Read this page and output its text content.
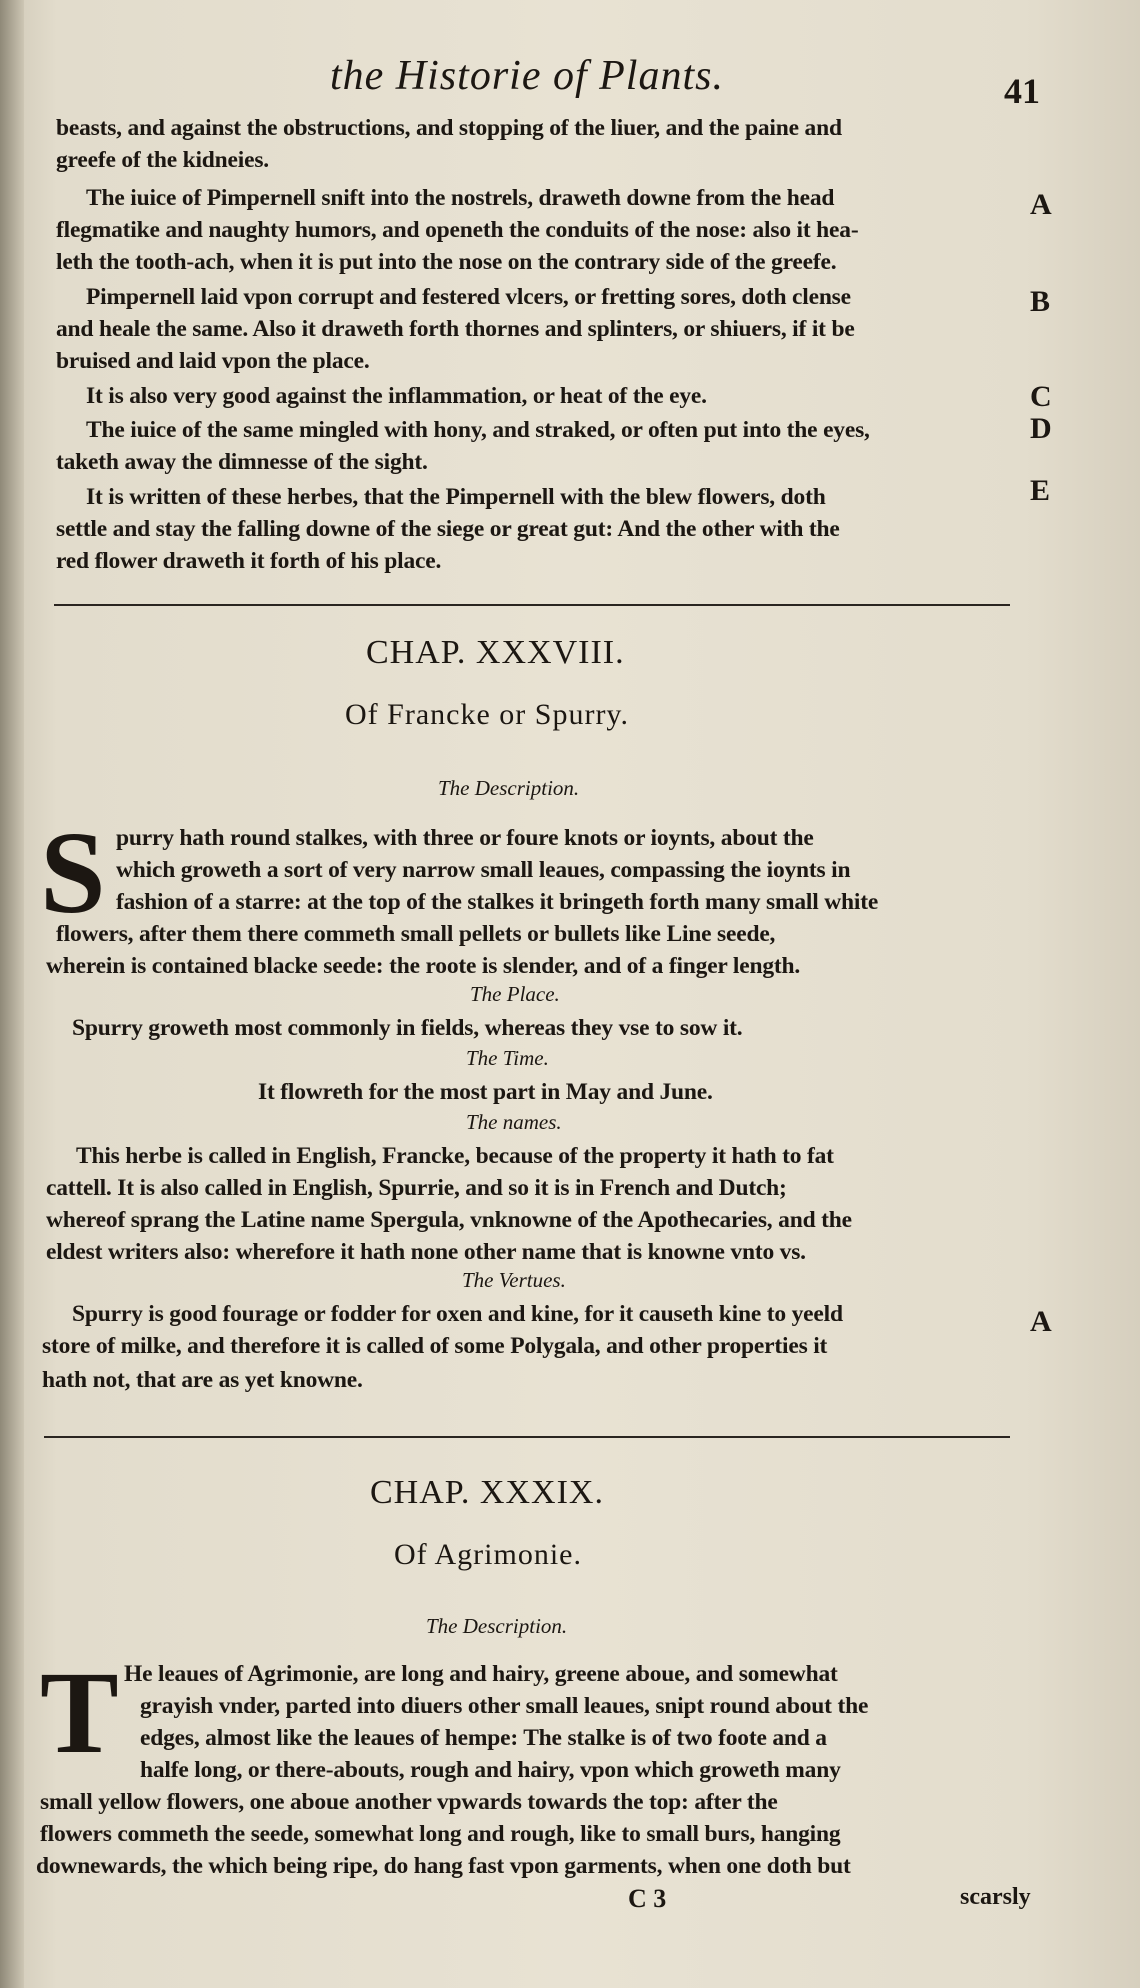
the Historie of Plants.	41
beasts, and against the obstructions, and stopping of the liuer, and the paine and
greefe of the kidneies.
The iuice of Pimpernell snift into the nostrels, draweth downe from the head
flegmatike and naughty humors, and openeth the conduits of the nose: also it hea-
leth the tooth-ach, when it is put into the nose on the contrary side of the greefe.
Pimpernell laid vpon corrupt and festered vlcers, or fretting sores, doth clense
and heale the same. Also it draweth forth thornes and splinters, or shiuers, if it be
bruised and laid vpon the place.
It is also very good against the inflammation, or heat of the eye.
The iuice of the same mingled with hony, and straked, or often put into the eyes,
taketh away the dimnesse of the sight.
It is written of these herbes, that the Pimpernell with the blew flowers, doth
settle and stay the falling downe of the siege or great gut: And the other with the
red flower draweth it forth of his place.
A
B
C
D
E
CHAP. XXXVIII.
Of Francke or Spurry.
The Description.
S purry hath round stalkes, with three or foure knots or ioynts, about the
which groweth a sort of very narrow small leaues, compassing the ioynts in
fashion of a starre: at the top of the stalkes it bringeth forth many small white
flowers, after them there commeth small pellets or bullets like Line seede,
wherein is contained blacke seede: the roote is slender, and of a finger length.
The Place.
Spurry groweth most commonly in fields, whereas they vse to sow it.
The Time.
It flowreth for the most part in May and June.
The names.
This herbe is called in English, Francke, because of the property it hath to fat
cattell. It is also called in English, Spurrie, and so it is in French and Dutch;
whereof sprang the Latine name Spergula, vnknowne of the Apothecaries, and the
eldest writers also: wherefore it hath none other name that is knowne vnto vs.
The Vertues.
Spurry is good fourage or fodder for oxen and kine, for it causeth kine to yeeld
store of milke, and therefore it is called of some Polygala, and other properties it
hath not, that are as yet knowne.
A
CHAP. XXXIX.
Of Agrimonie.
The Description.
T He leaues of Agrimonie, are long and hairy, greene aboue, and somewhat
grayish vnder, parted into diuers other small leaues, snipt round about the
edges, almost like the leaues of hempe: The stalke is of two foote and a
halfe long, or there-abouts, rough and hairy, vpon which groweth many
small yellow flowers, one aboue another vpwards towards the top: after the
flowers commeth the seede, somewhat long and rough, like to small burs, hanging
downewards, the which being ripe, do hang fast vpon garments, when one doth but
C 3	scarsly
